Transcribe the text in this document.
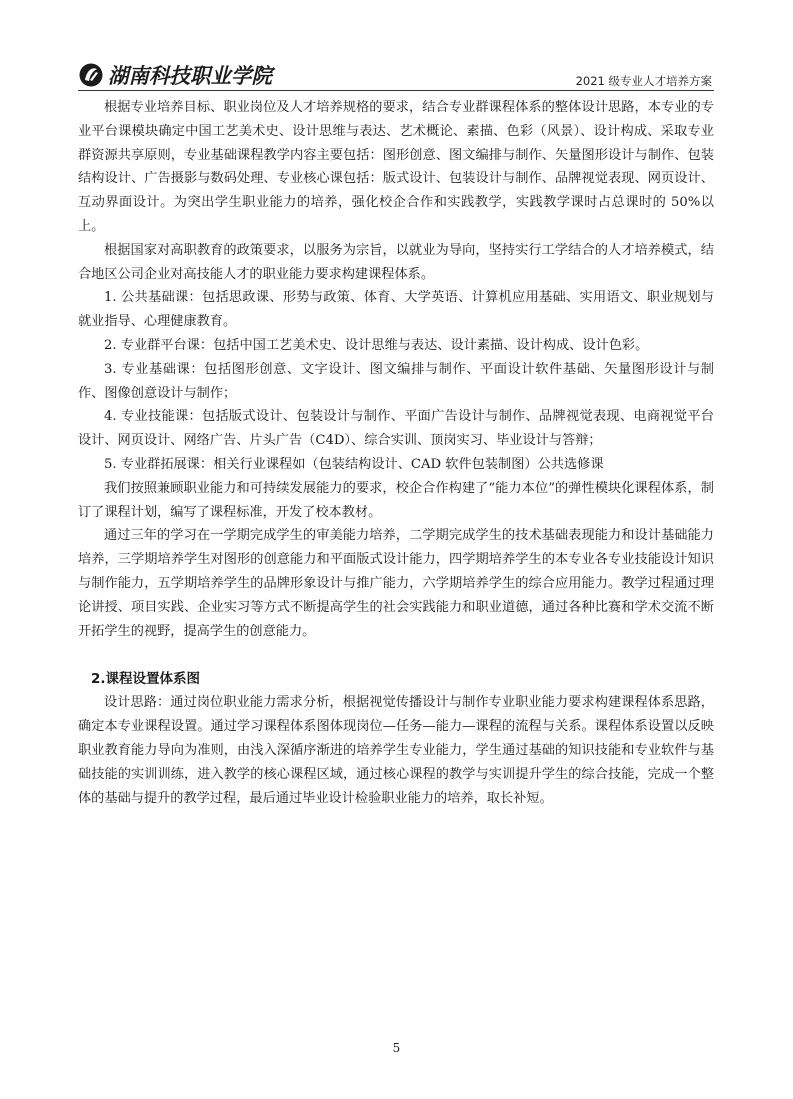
湖南科技职业学院	2021 级专业人才培养方案

根据专业培养目标、职业岗位及人才培养规格的要求，结合专业群课程体系的整体设计思路，本专业的专业平台课模块确定中国工艺美术史、设计思维与表达、艺术概论、素描、色彩（风景）、设计构成、采取专业群资源共享原则，专业基础课程教学内容主要包括：图形创意、图文编排与制作、矢量图形设计与制作、包装结构设计、广告摄影与数码处理、专业核心课包括：版式设计、包装设计与制作、品牌视觉表现、网页设计、互动界面设计。为突出学生职业能力的培养，强化校企合作和实践教学，实践教学课时占总课时的 50%以上。

根据国家对高职教育的政策要求，以服务为宗旨，以就业为导向，坚持实行工学结合的人才培养模式，结合地区公司企业对高技能人才的职业能力要求构建课程体系。

1. 公共基础课：包括思政课、形势与政策、体育、大学英语、计算机应用基础、实用语文、职业规划与就业指导、心理健康教育。

2. 专业群平台课：包括中国工艺美术史、设计思维与表达、设计素描、设计构成、设计色彩。

3. 专业基础课：包括图形创意、文字设计、图文编排与制作、平面设计软件基础、矢量图形设计与制作、图像创意设计与制作；

4. 专业技能课：包括版式设计、包装设计与制作、平面广告设计与制作、品牌视觉表现、电商视觉平台设计、网页设计、网络广告、片头广告（C4D）、综合实训、顶岗实习、毕业设计与答辩；

5. 专业群拓展课：相关行业课程如（包装结构设计、CAD 软件包装制图）公共选修课

我们按照兼顾职业能力和可持续发展能力的要求，校企合作构建了“能力本位”的弹性模块化课程体系，制订了课程计划，编写了课程标准，开发了校本教材。

通过三年的学习在一学期完成学生的审美能力培养，二学期完成学生的技术基础表现能力和设计基础能力培养，三学期培养学生对图形的创意能力和平面版式设计能力，四学期培养学生的本专业各专业技能设计知识与制作能力，五学期培养学生的品牌形象设计与推广能力，六学期培养学生的综合应用能力。教学过程通过理论讲授、项目实践、企业实习等方式不断提高学生的社会实践能力和职业道德，通过各种比赛和学术交流不断开拓学生的视野，提高学生的创意能力。

2.课程设置体系图

设计思路：通过岗位职业能力需求分析，根据视觉传播设计与制作专业职业能力要求构建课程体系思路，确定本专业课程设置。通过学习课程体系图体现岗位—任务—能力—课程的流程与关系。课程体系设置以反映职业教育能力导向为准则，由浅入深循序渐进的培养学生专业能力，学生通过基础的知识技能和专业软件与基础技能的实训训练，进入教学的核心课程区域，通过核心课程的教学与实训提升学生的综合技能，完成一个整体的基础与提升的教学过程，最后通过毕业设计检验职业能力的培养，取长补短。

5
